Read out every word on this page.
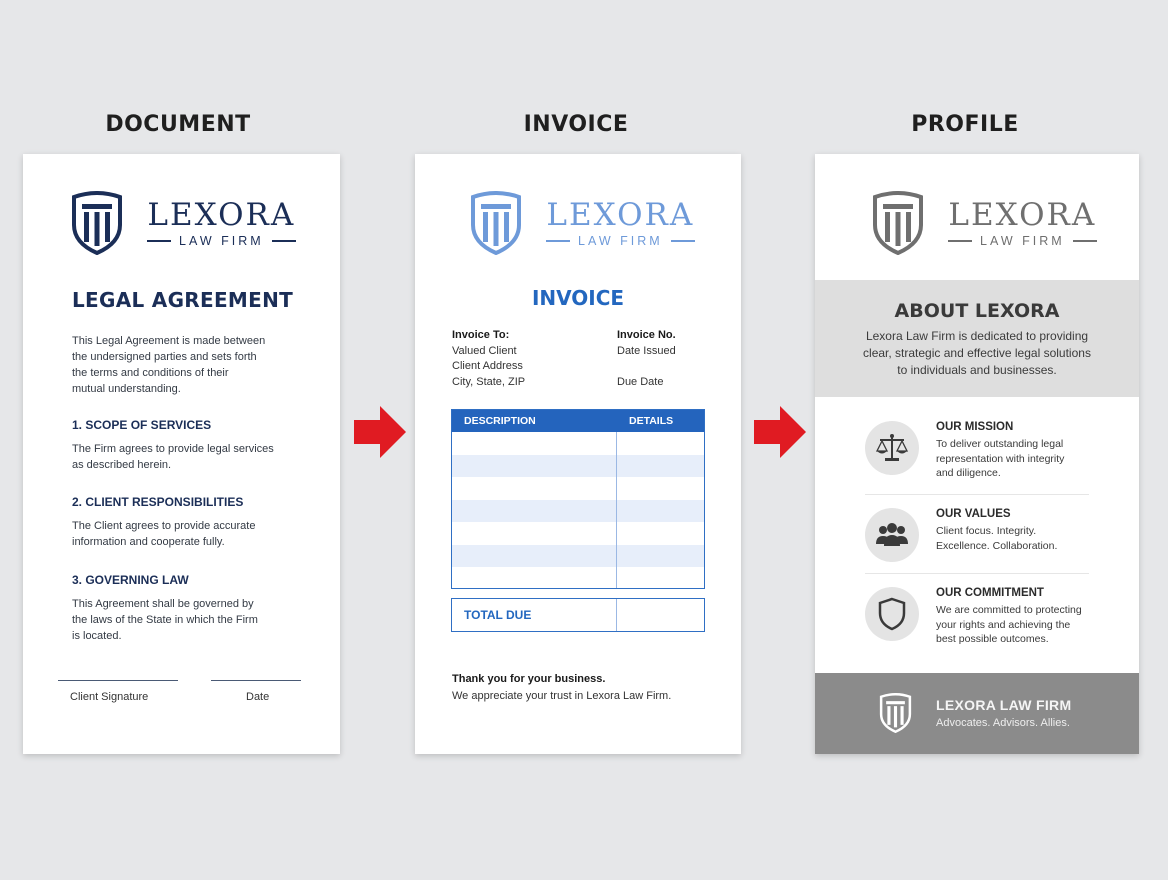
DOCUMENT	INVOICE	PROFILE
LEXORA
LAW FIRM
LEGAL AGREEMENT
This Legal Agreement is made between
the undersigned parties and sets forth
the terms and conditions of their
mutual understanding.
1. SCOPE OF SERVICES
The Firm agrees to provide legal services
as described herein.
2. CLIENT RESPONSIBILITIES
The Client agrees to provide accurate
information and cooperate fully.
3. GOVERNING LAW
This Agreement shall be governed by
the laws of the State in which the Firm
is located.
Client Signature	Date
LEXORA
LAW FIRM
INVOICE
Invoice To:
Valued Client
Client Address
City, State, ZIP
Invoice No.
Date Issued
Due Date
DESCRIPTION	DETAILS
TOTAL DUE
Thank you for your business.
We appreciate your trust in Lexora Law Firm.
LEXORA
LAW FIRM
ABOUT LEXORA
Lexora Law Firm is dedicated to providing
clear, strategic and effective legal solutions
to individuals and businesses.
OUR MISSION
To deliver outstanding legal
representation with integrity
and diligence.
OUR VALUES
Client focus. Integrity.
Excellence. Collaboration.
OUR COMMITMENT
We are committed to protecting
your rights and achieving the
best possible outcomes.
LEXORA LAW FIRM
Advocates. Advisors. Allies.
